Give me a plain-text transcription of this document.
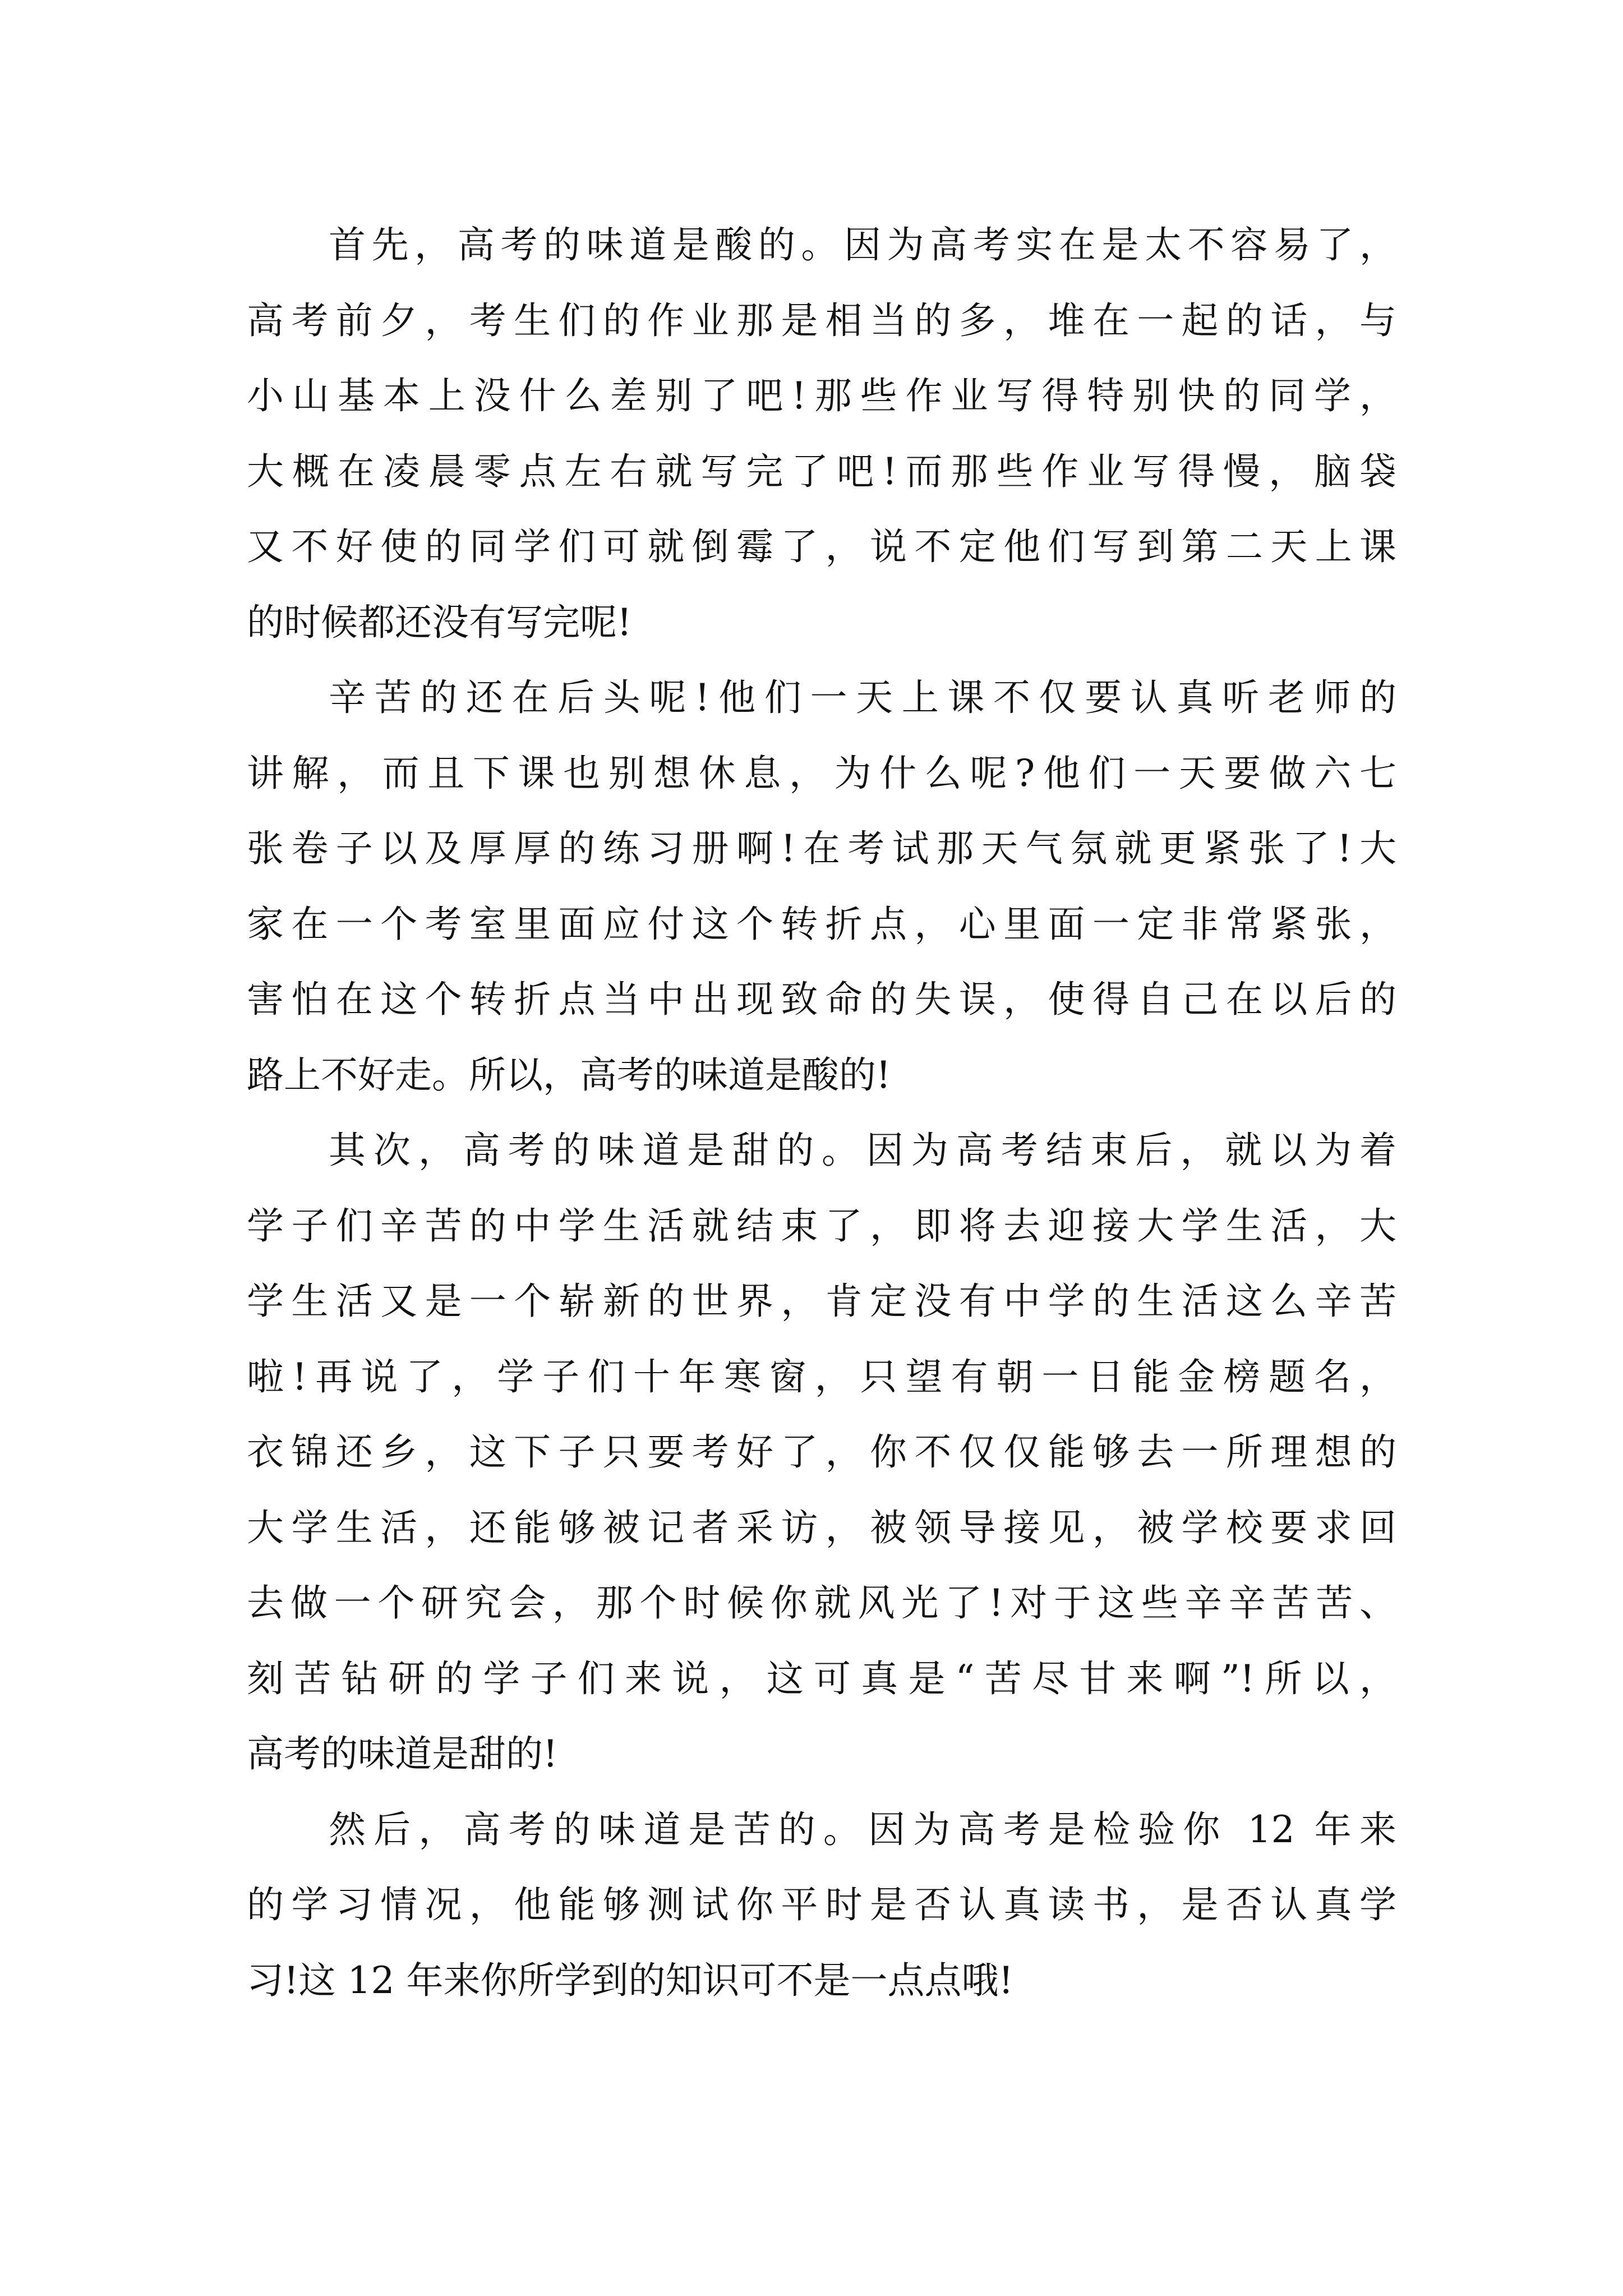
首先，高考的味道是酸的。因为高考实在是太不容易了，
高考前夕，考生们的作业那是相当的多，堆在一起的话，与
小山基本上没什么差别了吧!那些作业写得特别快的同学，
大概在凌晨零点左右就写完了吧!而那些作业写得慢，脑袋
又不好使的同学们可就倒霉了，说不定他们写到第二天上课
的时候都还没有写完呢!
辛苦的还在后头呢!他们一天上课不仅要认真听老师的
讲解，而且下课也别想休息，为什么呢?他们一天要做六七
张卷子以及厚厚的练习册啊!在考试那天气氛就更紧张了!大
家在一个考室里面应付这个转折点，心里面一定非常紧张，
害怕在这个转折点当中出现致命的失误，使得自己在以后的
路上不好走。所以，高考的味道是酸的!
其次，高考的味道是甜的。因为高考结束后，就以为着
学子们辛苦的中学生活就结束了，即将去迎接大学生活，大
学生活又是一个崭新的世界，肯定没有中学的生活这么辛苦
啦!再说了，学子们十年寒窗，只望有朝一日能金榜题名，
衣锦还乡，这下子只要考好了，你不仅仅能够去一所理想的
大学生活，还能够被记者采访，被领导接见，被学校要求回
去做一个研究会，那个时候你就风光了!对于这些辛辛苦苦、
刻苦钻研的学子们来说，这可真是“苦尽甘来啊”!所以，
高考的味道是甜的!
然后，高考的味道是苦的。因为高考是检验你 12 年来
的学习情况，他能够测试你平时是否认真读书，是否认真学
习!这 12 年来你所学到的知识可不是一点点哦!
